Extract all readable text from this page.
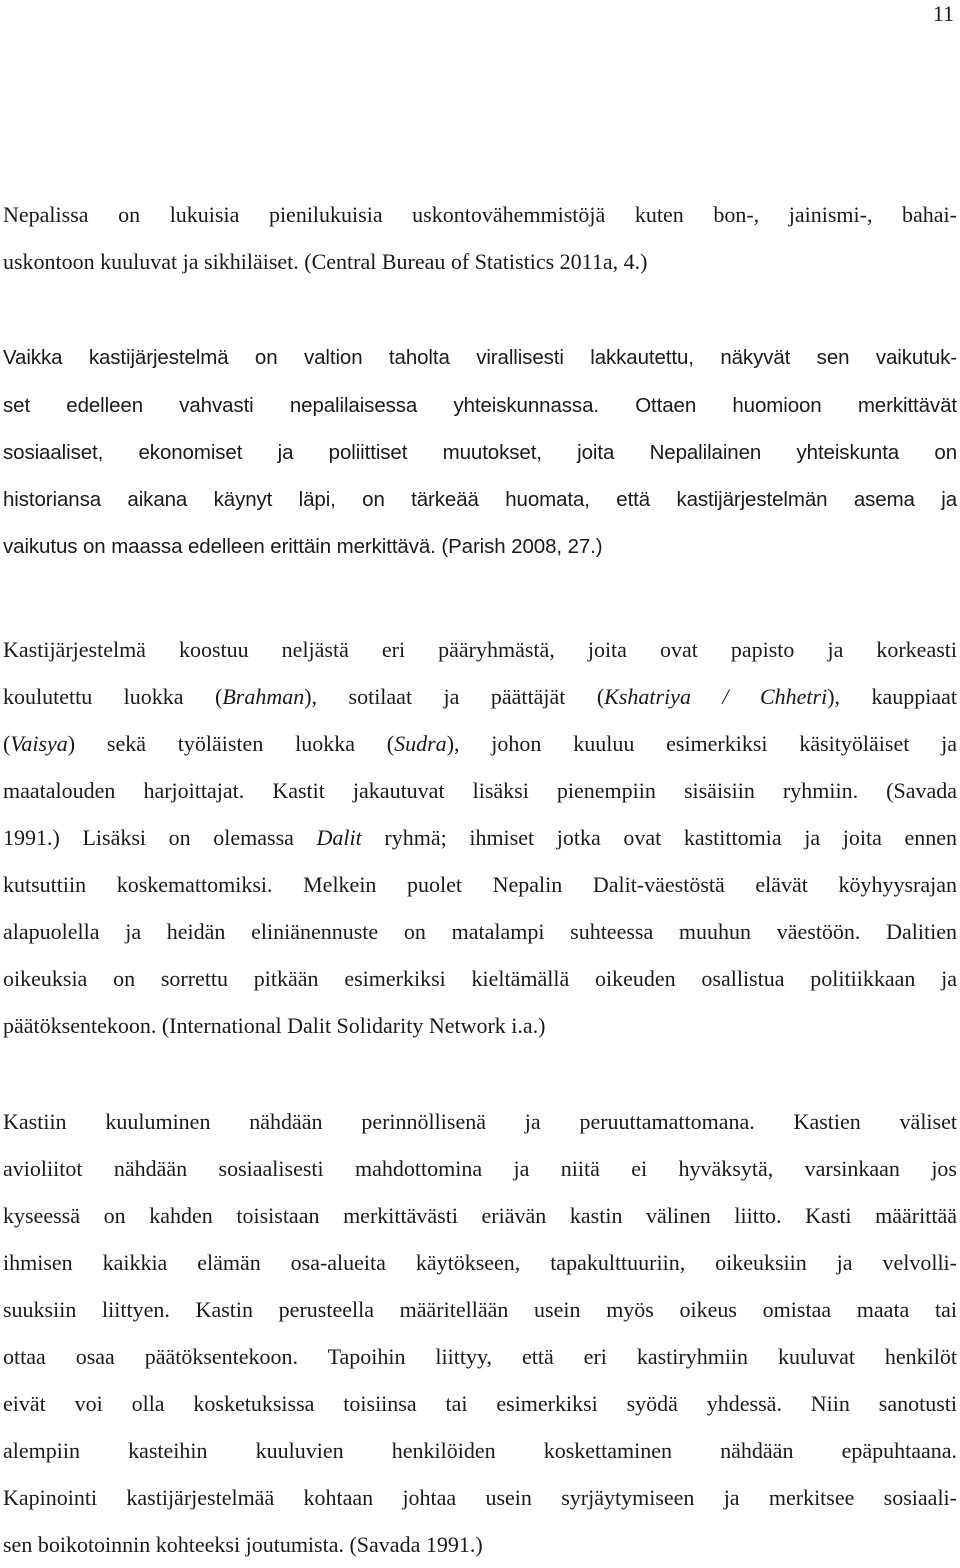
11
Nepalissa on lukuisia pienilukuisia uskontovähemmistöjä kuten bon-, jainismi-, bahai-
uskontoon kuuluvat ja sikhiläiset. (Central Bureau of Statistics 2011a, 4.)
Vaikka kastijärjestelmä on valtion taholta virallisesti lakkautettu, näkyvät sen vaikutuk-
set edelleen vahvasti nepalilaisessa yhteiskunnassa. Ottaen huomioon merkittävät
sosiaaliset, ekonomiset ja poliittiset muutokset, joita Nepalilainen yhteiskunta on
historiansa aikana käynyt läpi, on tärkeää huomata, että kastijärjestelmän asema ja
vaikutus on maassa edelleen erittäin merkittävä. (Parish 2008, 27.)
Kastijärjestelmä koostuu neljästä eri pääryhmästä, joita ovat papisto ja korkeasti
koulutettu luokka (Brahman), sotilaat ja päättäjät (Kshatriya / Chhetri), kauppiaat
(Vaisya) sekä työläisten luokka (Sudra), johon kuuluu esimerkiksi käsityöläiset ja
maatalouden harjoittajat. Kastit jakautuvat lisäksi pienempiin sisäisiin ryhmiin. (Savada
1991.) Lisäksi on olemassa Dalit ryhmä; ihmiset jotka ovat kastittomia ja joita ennen
kutsuttiin koskemattomiksi. Melkein puolet Nepalin Dalit-väestöstä elävät köyhyysrajan
alapuolella ja heidän eliniänennuste on matalampi suhteessa muuhun väestöön. Dalitien
oikeuksia on sorrettu pitkään esimerkiksi kieltämällä oikeuden osallistua politiikkaan ja
päätöksentekoon. (International Dalit Solidarity Network i.a.)
Kastiin kuuluminen nähdään perinnöllisenä ja peruuttamattomana. Kastien väliset
avioliitot nähdään sosiaalisesti mahdottomina ja niitä ei hyväksytä, varsinkaan jos
kyseessä on kahden toisistaan merkittävästi eriävän kastin välinen liitto. Kasti määrittää
ihmisen kaikkia elämän osa-alueita käytökseen, tapakulttuuriin, oikeuksiin ja velvolli-
suuksiin liittyen. Kastin perusteella määritellään usein myös oikeus omistaa maata tai
ottaa osaa päätöksentekoon. Tapoihin liittyy, että eri kastiryhmiin kuuluvat henkilöt
eivät voi olla kosketuksissa toisiinsa tai esimerkiksi syödä yhdessä. Niin sanotusti
alempiin kasteihin kuuluvien henkilöiden koskettaminen nähdään epäpuhtaana.
Kapinointi kastijärjestelmää kohtaan johtaa usein syrjäytymiseen ja merkitsee sosiaali-
sen boikotoinnin kohteeksi joutumista. (Savada 1991.)
